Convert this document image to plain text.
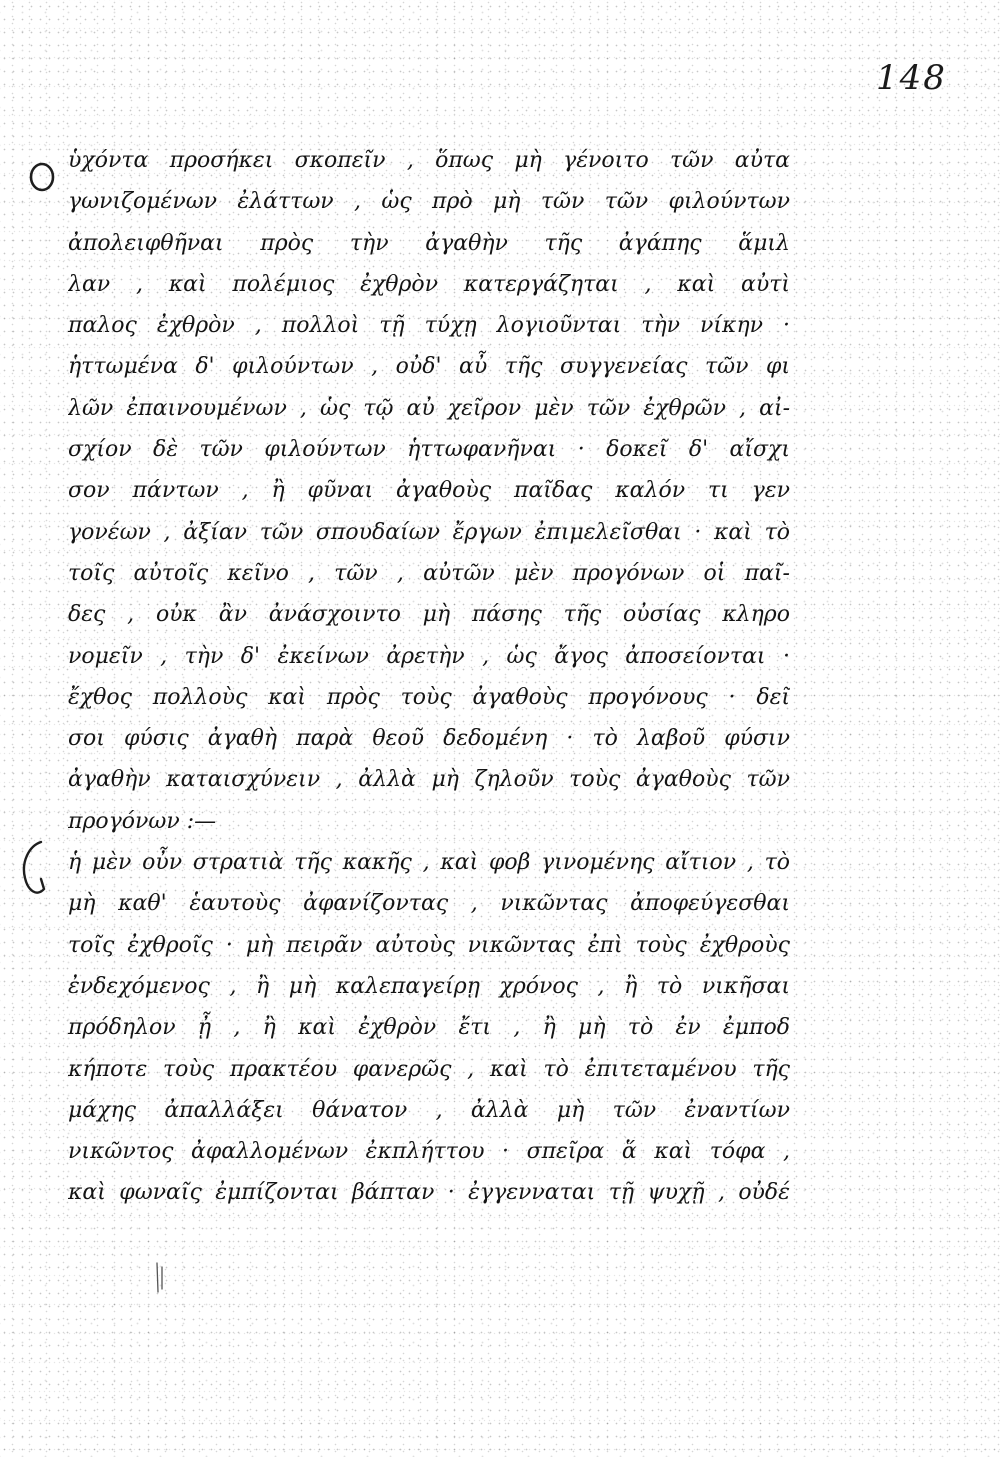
148
ὑχόντα προσήκει σκοπεῖν , ὅπως μὴ γένοιτο τῶν αὐτα
γωνιζομένων ἐλάττων , ὡς πρὸ μὴ τῶν τῶν φιλούντων
ἀπολειφθῆναι πρὸς τὴν ἀγαθὴν τῆς ἀγάπης ἅμιλ
λαν , καὶ πολέμιος ἐχθρὸν κατεργάζηται , καὶ αὐτὶ
παλος ἐχθρὸν , πολλοὶ τῇ τύχῃ λογιοῦνται τὴν νίκην ·
ἡττωμένα δ' φιλούντων , οὐδ' αὖ τῆς συγγενείας τῶν φι
λῶν ἐπαινουμένων , ὡς τῷ αὐ χεῖρον μὲν τῶν ἐχθρῶν , αἰ-
σχίον δὲ τῶν φιλούντων ἡττωφανῆναι · δοκεῖ δ' αἴσχι
σον πάντων , ἢ φῦναι ἀγαθοὺς παῖδας καλόν τι γεν
γονέων , ἀξίαν τῶν σπουδαίων ἔργων ἐπιμελεῖσθαι · καὶ τὸ
τοῖς αὐτοῖς κεῖνο , τῶν , αὐτῶν μὲν προγόνων οἱ παῖ-
δες , οὐκ ἂν ἀνάσχοιντο μὴ πάσης τῆς οὐσίας κληρο
νομεῖν , τὴν δ' ἐκείνων ἀρετὴν , ὡς ἄγος ἀποσείονται ·
ἔχθος πολλοὺς καὶ πρὸς τοὺς ἀγαθοὺς προγόνους · δεῖ
σοι φύσις ἀγαθὴ παρὰ θεοῦ δεδομένη · τὸ λαβοῦ φύσιν
ἀγαθὴν καταισχύνειν , ἀλλὰ μὴ ζηλοῦν τοὺς ἀγαθοὺς τῶν
προγόνων :—
ἡ μὲν οὖν στρατιὰ τῆς κακῆς , καὶ φοβ γινομένης αἴτιον , τὸ
μὴ καθ' ἑαυτοὺς ἀφανίζοντας , νικῶντας ἀποφεύγεσθαι
τοῖς ἐχθροῖς · μὴ πειρᾶν αὐτοὺς νικῶντας ἐπὶ τοὺς ἐχθροὺς
ἐνδεχόμενος , ἢ μὴ καλεπαγείρῃ χρόνος , ἢ τὸ νικῆσαι
πρόδηλον ᾖ , ἢ καὶ ἐχθρὸν ἔτι , ἢ μὴ τὸ ἐν ἐμποδ
κήποτε τοὺς πρακτέου φανερῶς , καὶ τὸ ἐπιτεταμένου τῆς
μάχης ἀπαλλάξει θάνατον , ἀλλὰ μὴ τῶν ἐναντίων
νικῶντος ἀφαλλομένων ἐκπλήττου · σπεῖρα ἅ καὶ τόφα ,
καὶ φωναῖς ἐμπίζονται βάπταν · ἐγγενναται τῇ ψυχῇ , οὐδέ
